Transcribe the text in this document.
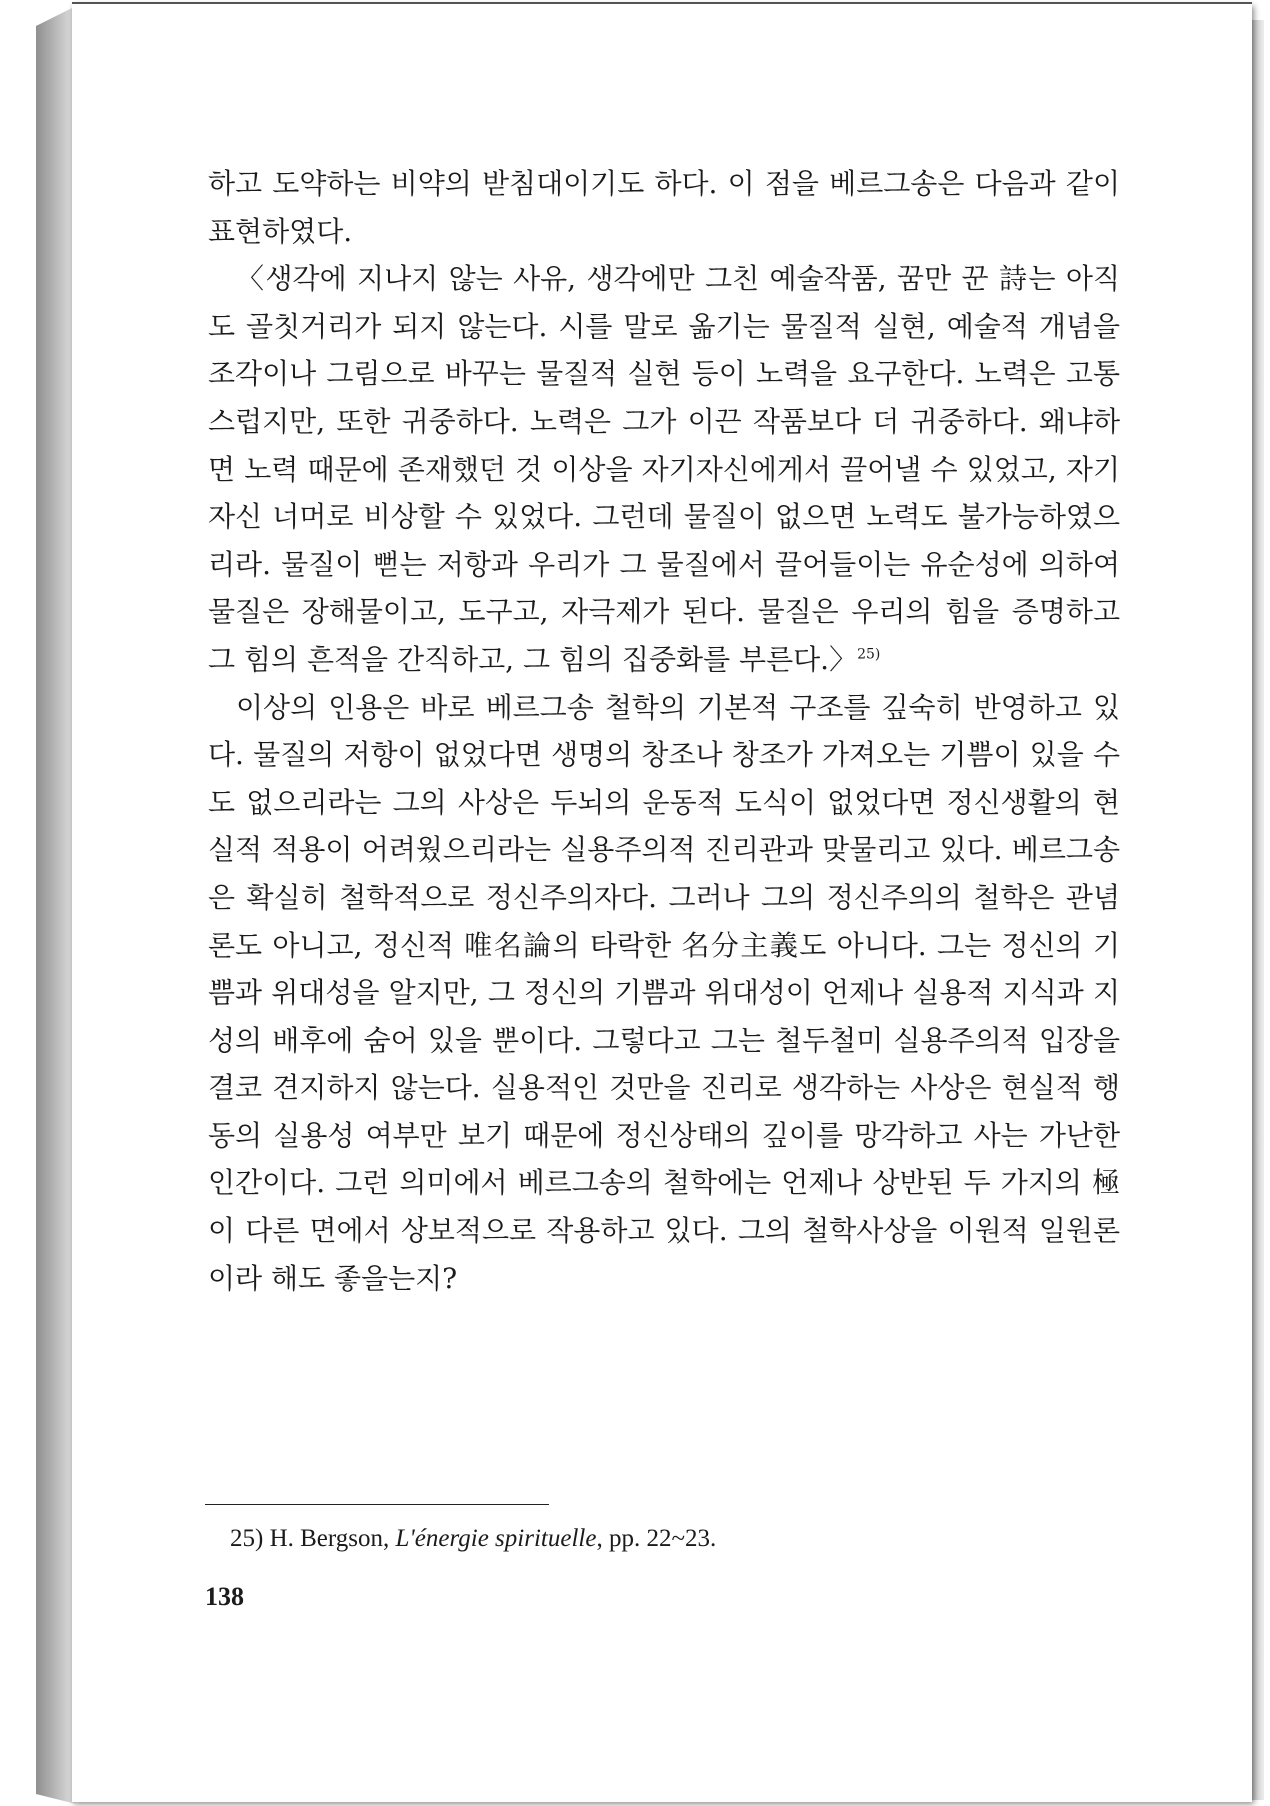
하고 도약하는 비약의 받침대이기도 하다. 이 점을 베르그송은 다음과 같이 표현하였다.

〈생각에 지나지 않는 사유, 생각에만 그친 예술작품, 꿈만 꾼 詩는 아직도 골칫거리가 되지 않는다. 시를 말로 옮기는 물질적 실현, 예술적 개념을 조각이나 그림으로 바꾸는 물질적 실현 등이 노력을 요구한다. 노력은 고통스럽지만, 또한 귀중하다. 노력은 그가 이끈 작품보다 더 귀중하다. 왜냐하면 노력 때문에 존재했던 것 이상을 자기자신에게서 끌어낼 수 있었고, 자기자신 너머로 비상할 수 있었다. 그런데 물질이 없으면 노력도 불가능하였으리라. 물질이 뻗는 저항과 우리가 그 물질에서 끌어들이는 유순성에 의하여 물질은 장해물이고, 도구고, 자극제가 된다. 물질은 우리의 힘을 증명하고 그 힘의 흔적을 간직하고, 그 힘의 집중화를 부른다.〉$^{25)}$

이상의 인용은 바로 베르그송 철학의 기본적 구조를 깊숙히 반영하고 있다. 물질의 저항이 없었다면 생명의 창조나 창조가 가져오는 기쁨이 있을 수도 없으리라는 그의 사상은 두뇌의 운동적 도식이 없었다면 정신생활의 현실적 적용이 어려웠으리라는 실용주의적 진리관과 맞물리고 있다. 베르그송은 확실히 철학적으로 정신주의자다. 그러나 그의 정신주의의 철학은 관념론도 아니고, 정신적 唯名論의 타락한 名分主義도 아니다. 그는 정신의 기쁨과 위대성을 알지만, 그 정신의 기쁨과 위대성이 언제나 실용적 지식과 지성의 배후에 숨어 있을 뿐이다. 그렇다고 그는 철두철미 실용주의적 입장을 결코 견지하지 않는다. 실용적인 것만을 진리로 생각하는 사상은 현실적 행동의 실용성 여부만 보기 때문에 정신상태의 깊이를 망각하고 사는 가난한 인간이다. 그런 의미에서 베르그송의 철학에는 언제나 상반된 두 가지의 極이 다른 면에서 상보적으로 작용하고 있다. 그의 철학사상을 이원적 일원론이라 해도 좋을는지?

25) H. Bergson, L'énergie spirituelle, pp. 22~23.
138
